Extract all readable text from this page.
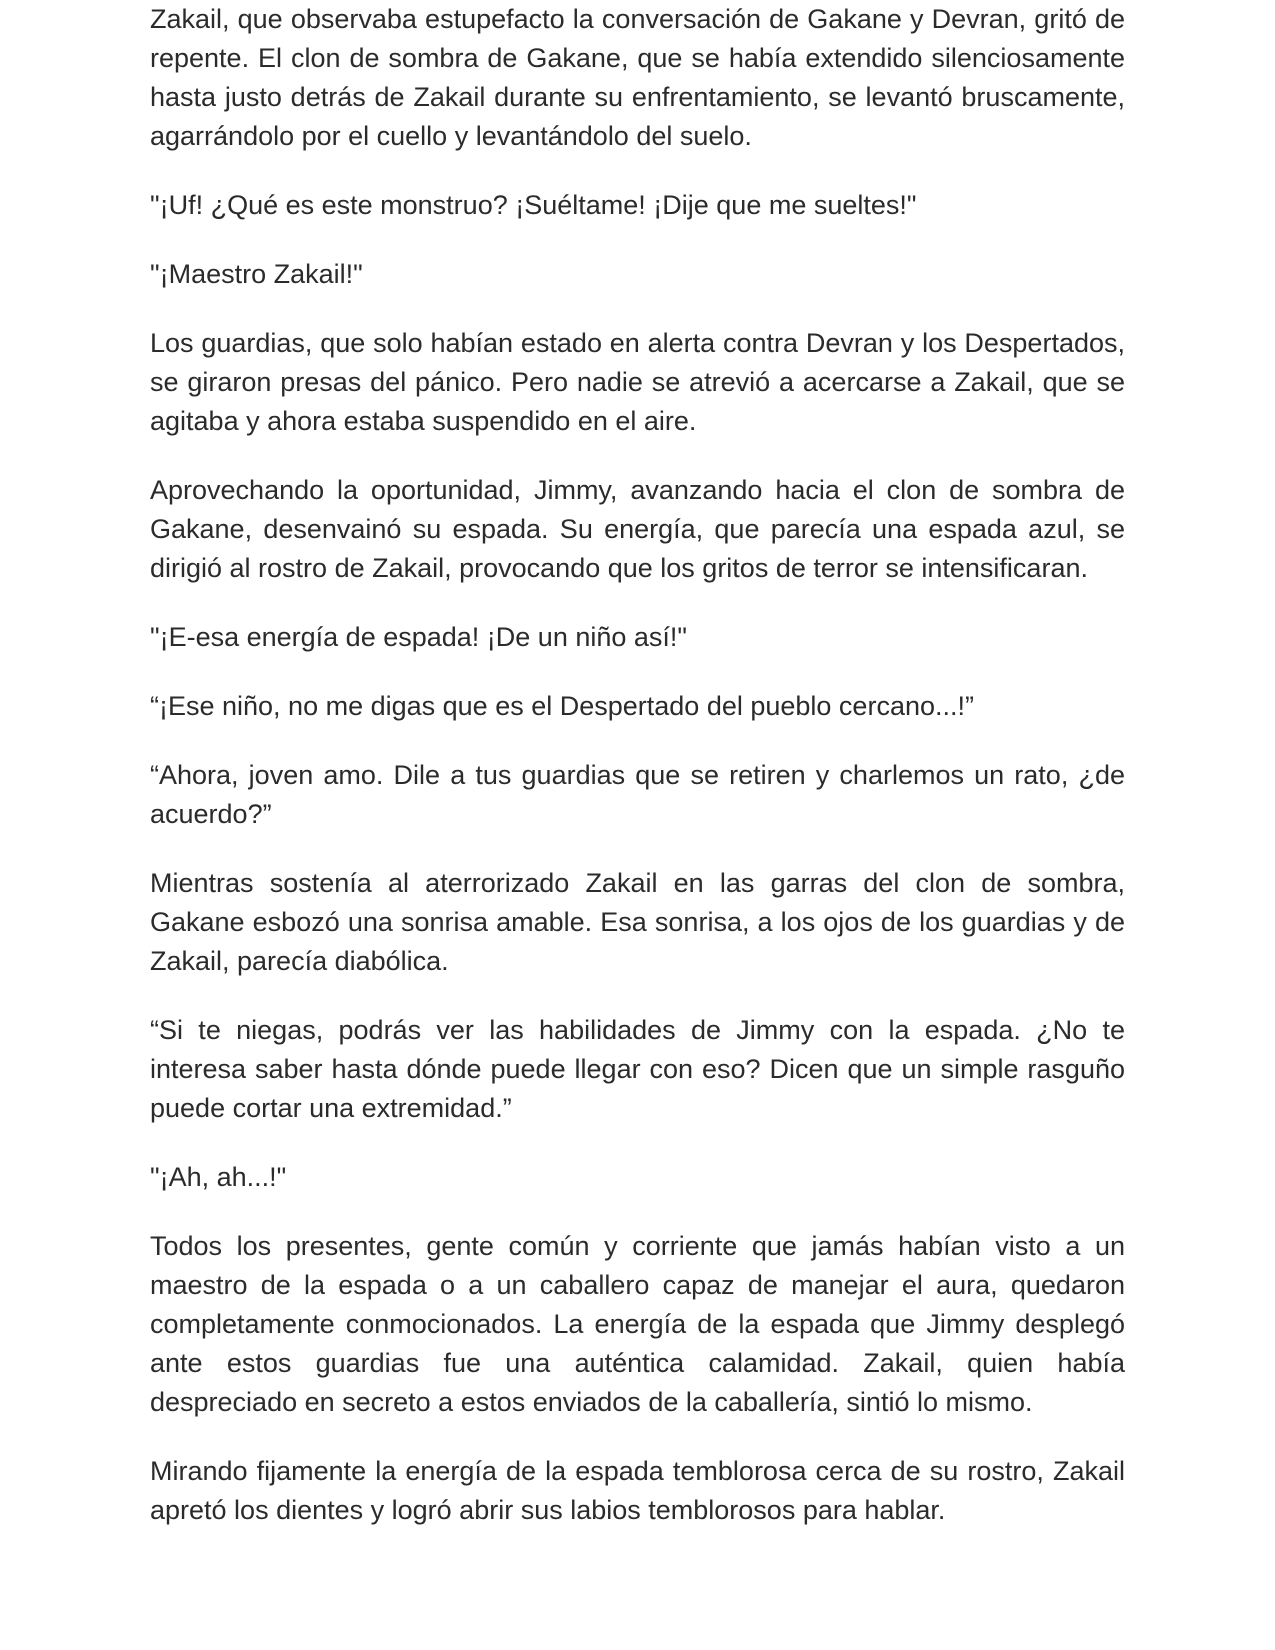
Zakail, que observaba estupefacto la conversación de Gakane y Devran, gritó de repente. El clon de sombra de Gakane, que se había extendido silenciosamente hasta justo detrás de Zakail durante su enfrentamiento, se levantó bruscamente, agarrándolo por el cuello y levantándolo del suelo.

"¡Uf! ¿Qué es este monstruo? ¡Suéltame! ¡Dije que me sueltes!"

"¡Maestro Zakail!"

Los guardias, que solo habían estado en alerta contra Devran y los Despertados, se giraron presas del pánico. Pero nadie se atrevió a acercarse a Zakail, que se agitaba y ahora estaba suspendido en el aire.

Aprovechando la oportunidad, Jimmy, avanzando hacia el clon de sombra de Gakane, desenvainó su espada. Su energía, que parecía una espada azul, se dirigió al rostro de Zakail, provocando que los gritos de terror se intensificaran.

"¡E-esa energía de espada! ¡De un niño así!"

“¡Ese niño, no me digas que es el Despertado del pueblo cercano...!”

“Ahora, joven amo. Dile a tus guardias que se retiren y charlemos un rato, ¿de acuerdo?”

Mientras sostenía al aterrorizado Zakail en las garras del clon de sombra, Gakane esbozó una sonrisa amable. Esa sonrisa, a los ojos de los guardias y de Zakail, parecía diabólica.

“Si te niegas, podrás ver las habilidades de Jimmy con la espada. ¿No te interesa saber hasta dónde puede llegar con eso? Dicen que un simple rasguño puede cortar una extremidad.”

"¡Ah, ah...!"

Todos los presentes, gente común y corriente que jamás habían visto a un maestro de la espada o a un caballero capaz de manejar el aura, quedaron completamente conmocionados. La energía de la espada que Jimmy desplegó ante estos guardias fue una auténtica calamidad. Zakail, quien había despreciado en secreto a estos enviados de la caballería, sintió lo mismo.

Mirando fijamente la energía de la espada temblorosa cerca de su rostro, Zakail apretó los dientes y logró abrir sus labios temblorosos para hablar.
